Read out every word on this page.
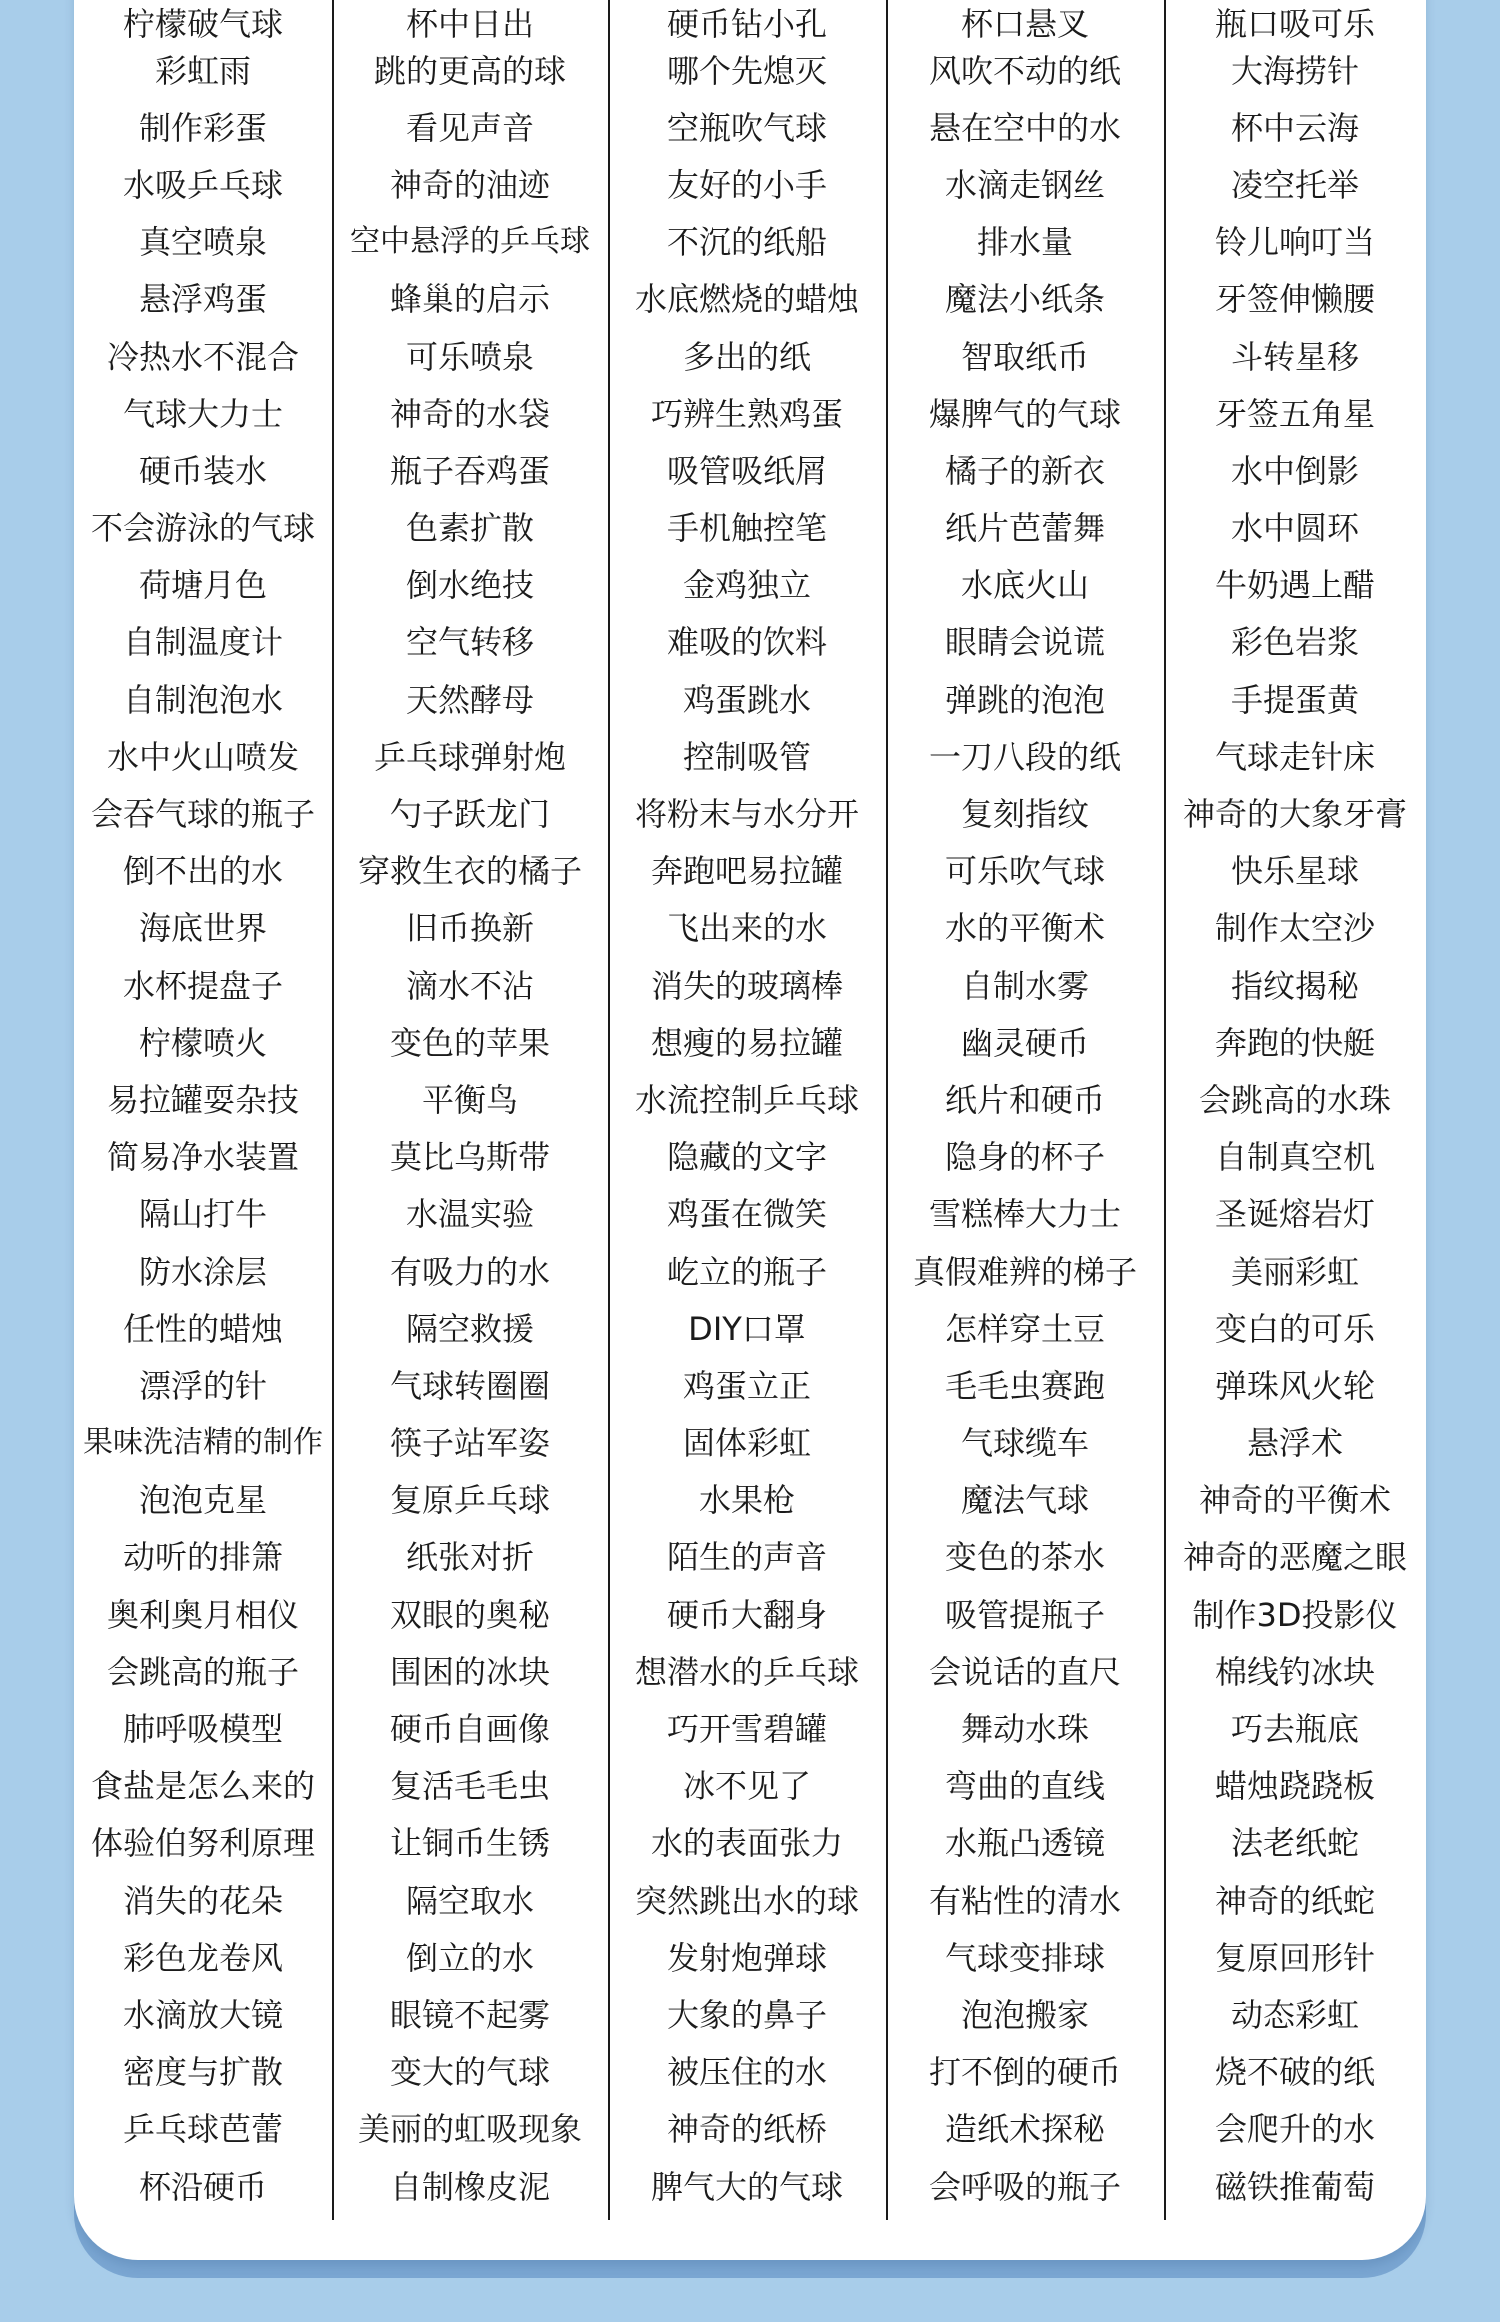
柠檬破气球
彩虹雨
制作彩蛋
水吸乒乓球
真空喷泉
悬浮鸡蛋
冷热水不混合
气球大力士
硬币装水
不会游泳的气球
荷塘月色
自制温度计
自制泡泡水
水中火山喷发
会吞气球的瓶子
倒不出的水
海底世界
水杯提盘子
柠檬喷火
易拉罐耍杂技
简易净水装置
隔山打牛
防水涂层
任性的蜡烛
漂浮的针
果味洗洁精的制作
泡泡克星
动听的排箫
奥利奥月相仪
会跳高的瓶子
肺呼吸模型
食盐是怎么来的
体验伯努利原理
消失的花朵
彩色龙卷风
水滴放大镜
密度与扩散
乒乓球芭蕾
杯沿硬币
杯中日出
跳的更高的球
看见声音
神奇的油迹
空中悬浮的乒乓球
蜂巢的启示
可乐喷泉
神奇的水袋
瓶子吞鸡蛋
色素扩散
倒水绝技
空气转移
天然酵母
乒乓球弹射炮
勺子跃龙门
穿救生衣的橘子
旧币换新
滴水不沾
变色的苹果
平衡鸟
莫比乌斯带
水温实验
有吸力的水
隔空救援
气球转圈圈
筷子站军姿
复原乒乓球
纸张对折
双眼的奥秘
围困的冰块
硬币自画像
复活毛毛虫
让铜币生锈
隔空取水
倒立的水
眼镜不起雾
变大的气球
美丽的虹吸现象
自制橡皮泥
硬币钻小孔
哪个先熄灭
空瓶吹气球
友好的小手
不沉的纸船
水底燃烧的蜡烛
多出的纸
巧辨生熟鸡蛋
吸管吸纸屑
手机触控笔
金鸡独立
难吸的饮料
鸡蛋跳水
控制吸管
将粉末与水分开
奔跑吧易拉罐
飞出来的水
消失的玻璃棒
想瘦的易拉罐
水流控制乒乓球
隐藏的文字
鸡蛋在微笑
屹立的瓶子
DIY口罩
鸡蛋立正
固体彩虹
水果枪
陌生的声音
硬币大翻身
想潜水的乒乓球
巧开雪碧罐
冰不见了
水的表面张力
突然跳出水的球
发射炮弹球
大象的鼻子
被压住的水
神奇的纸桥
脾气大的气球
杯口悬叉
风吹不动的纸
悬在空中的水
水滴走钢丝
排水量
魔法小纸条
智取纸币
爆脾气的气球
橘子的新衣
纸片芭蕾舞
水底火山
眼睛会说谎
弹跳的泡泡
一刀八段的纸
复刻指纹
可乐吹气球
水的平衡术
自制水雾
幽灵硬币
纸片和硬币
隐身的杯子
雪糕棒大力士
真假难辨的梯子
怎样穿土豆
毛毛虫赛跑
气球缆车
魔法气球
变色的茶水
吸管提瓶子
会说话的直尺
舞动水珠
弯曲的直线
水瓶凸透镜
有粘性的清水
气球变排球
泡泡搬家
打不倒的硬币
造纸术探秘
会呼吸的瓶子
瓶口吸可乐
大海捞针
杯中云海
凌空托举
铃儿响叮当
牙签伸懒腰
斗转星移
牙签五角星
水中倒影
水中圆环
牛奶遇上醋
彩色岩浆
手提蛋黄
气球走针床
神奇的大象牙膏
快乐星球
制作太空沙
指纹揭秘
奔跑的快艇
会跳高的水珠
自制真空机
圣诞熔岩灯
美丽彩虹
变白的可乐
弹珠风火轮
悬浮术
神奇的平衡术
神奇的恶魔之眼
制作3D投影仪
棉线钓冰块
巧去瓶底
蜡烛跷跷板
法老纸蛇
神奇的纸蛇
复原回形针
动态彩虹
烧不破的纸
会爬升的水
磁铁推葡萄
